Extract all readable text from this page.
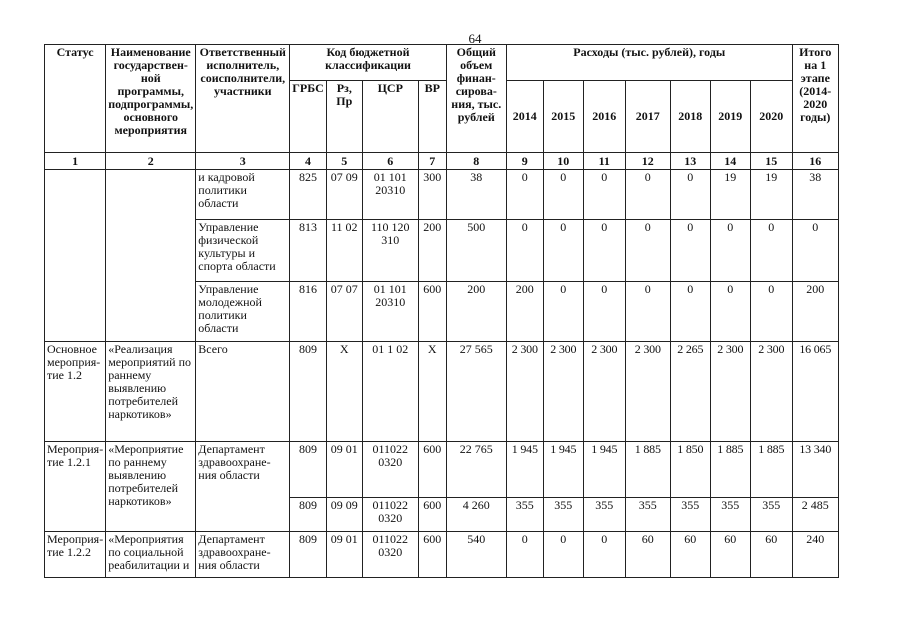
64
Статус	Наименование государствен-ной программы, подпрограммы, основного мероприятия	Ответственный исполнитель, соисполнители, участники	Код бюджетной классификации				Общий объем финан-сирова-ния, тыс. рублей	Расходы (тыс. рублей), годы							Итого на 1 этапе (2014-2020 годы)
			ГРБС	Рз, Пр	ЦСР	ВР		2014	2015	2016	2017	2018	2019	2020	
1	2	3	4	5	6	7	8	9	10	11	12	13	14	15	16
		и кадровой политики области	825	07 09	01 101 20310	300	38	0	0	0	0	0	19	19	38
		Управление физической культуры и спорта области	813	11 02	110 120 310	200	500	0	0	0	0	0	0	0	0
		Управление молодежной политики области	816	07 07	01 101 20310	600	200	200	0	0	0	0	0	0	200
Основное мероприя-тие 1.2	«Реализация мероприятий по раннему выявлению потребителей наркотиков»	Всего	809	Х	01 1 02	Х	27 565	2 300	2 300	2 300	2 300	2 265	2 300	2 300	16 065
Мероприя-тие 1.2.1	«Мероприятие по раннему выявлению потребителей наркотиков»	Департамент здравоохране-ния области	809	09 01	011022 0320	600	22 765	1 945	1 945	1 945	1 885	1 850	1 885	1 885	13 340
			809	09 09	011022 0320	600	4 260	355	355	355	355	355	355	355	2 485
Мероприя-тие 1.2.2	«Мероприятия по социальной реабилитации и	Департамент здравоохране-ния области	809	09 01	011022 0320	600	540	0	0	0	60	60	60	60	240
